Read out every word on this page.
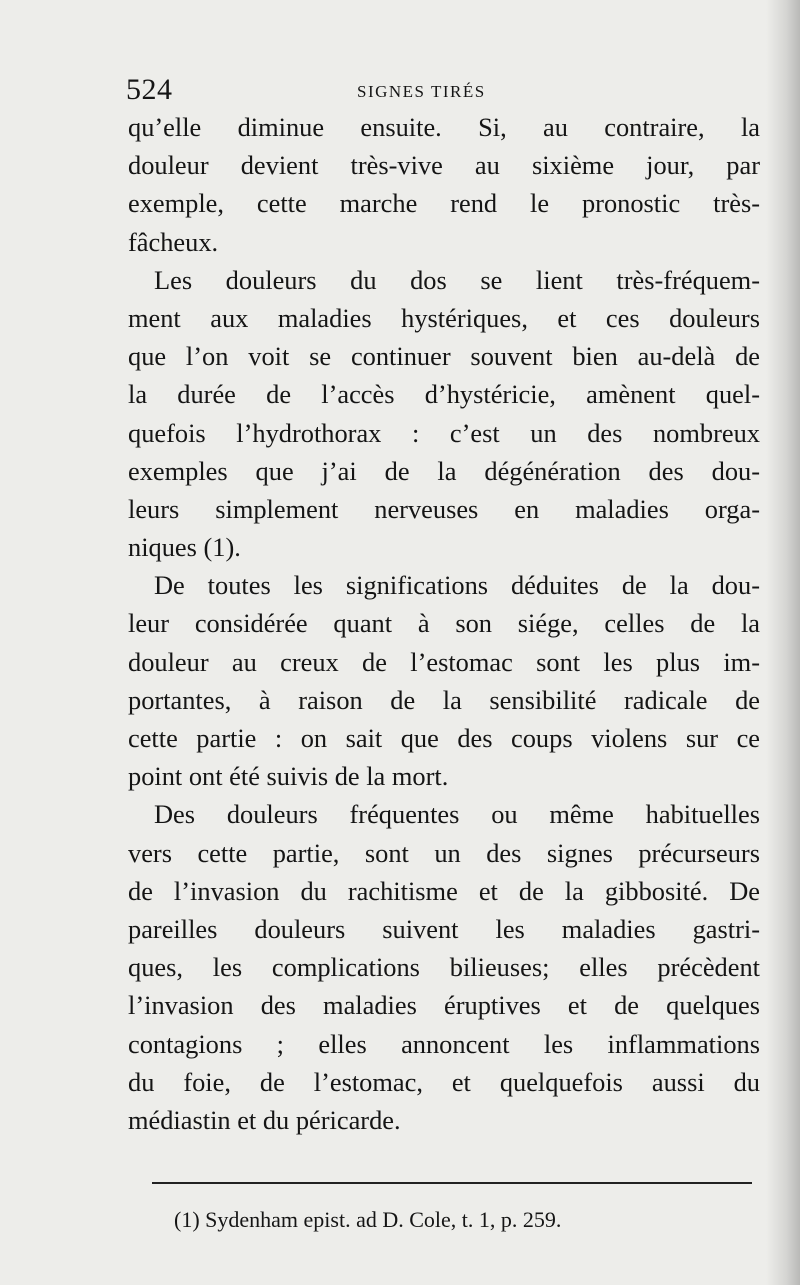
524	SIGNES TIRÉS
qu’elle diminue ensuite. Si, au contraire, la
douleur devient très-vive au sixième jour, par
exemple, cette marche rend le pronostic très-
fâcheux.
Les douleurs du dos se lient très-fréquem-
ment aux maladies hystériques, et ces douleurs
que l’on voit se continuer souvent bien au-delà de
la durée de l’accès d’hystéricie, amènent quel-
quefois l’hydrothorax : c’est un des nombreux
exemples que j’ai de la dégénération des dou-
leurs simplement nerveuses en maladies orga-
niques (1).
De toutes les significations déduites de la dou-
leur considérée quant à son siége, celles de la
douleur au creux de l’estomac sont les plus im-
portantes, à raison de la sensibilité radicale de
cette partie : on sait que des coups violens sur ce
point ont été suivis de la mort.
Des douleurs fréquentes ou même habituelles
vers cette partie, sont un des signes précurseurs
de l’invasion du rachitisme et de la gibbosité. De
pareilles douleurs suivent les maladies gastri-
ques, les complications bilieuses; elles précèdent
l’invasion des maladies éruptives et de quelques
contagions ; elles annoncent les inflammations
du foie, de l’estomac, et quelquefois aussi du
médiastin et du péricarde.
(1) Sydenham epist. ad D. Cole, t. 1, p. 259.
